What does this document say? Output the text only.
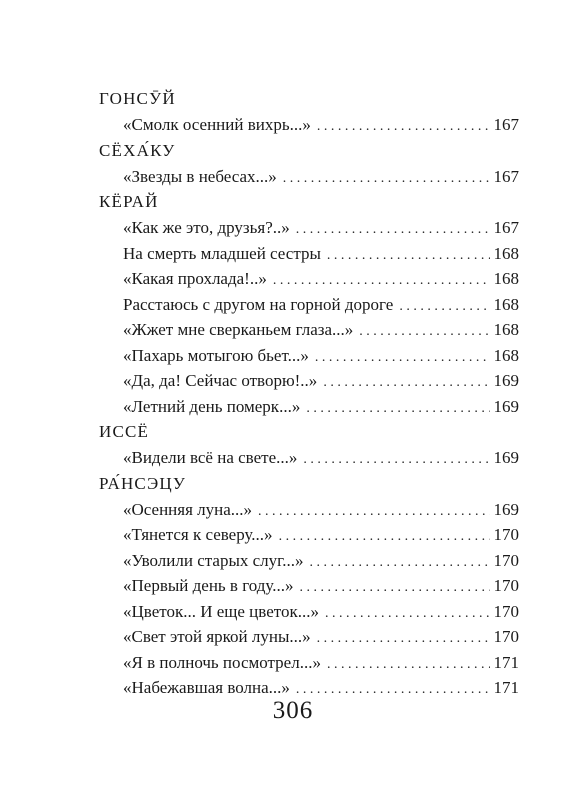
ГОНСӮЙ
«Смолк осенний вихрь...» . . .	167
СЁХА́КУ
«Звезды в небесах...» . . .	167
КЁРАЙ
«Как же это, друзья?..» . . .	167
На смерть младшей сестры . . .	168
«Какая прохлада!..» . . .	168
Расстаюсь с другом на горной дороге . . .	168
«Жжет мне сверканьем глаза...» . . .	168
«Пахарь мотыгою бьет...» . . .	168
«Да, да! Сейчас отворю!..» . . .	169
«Летний день померк...» . . .	169
ИССЁ
«Видели всё на свете...» . . .	169
РА́НСЭЦУ
«Осенняя луна...» . . .	169
«Тянется к северу...» . . .	170
«Уволили старых слуг...» . . .	170
«Первый день в году...» . . .	170
«Цветок... И еще цветок...» . . .	170
«Свет этой яркой луны...» . . .	170
«Я в полночь посмотрел...» . . .	171
«Набежавшая волна...» . . .	171
306
